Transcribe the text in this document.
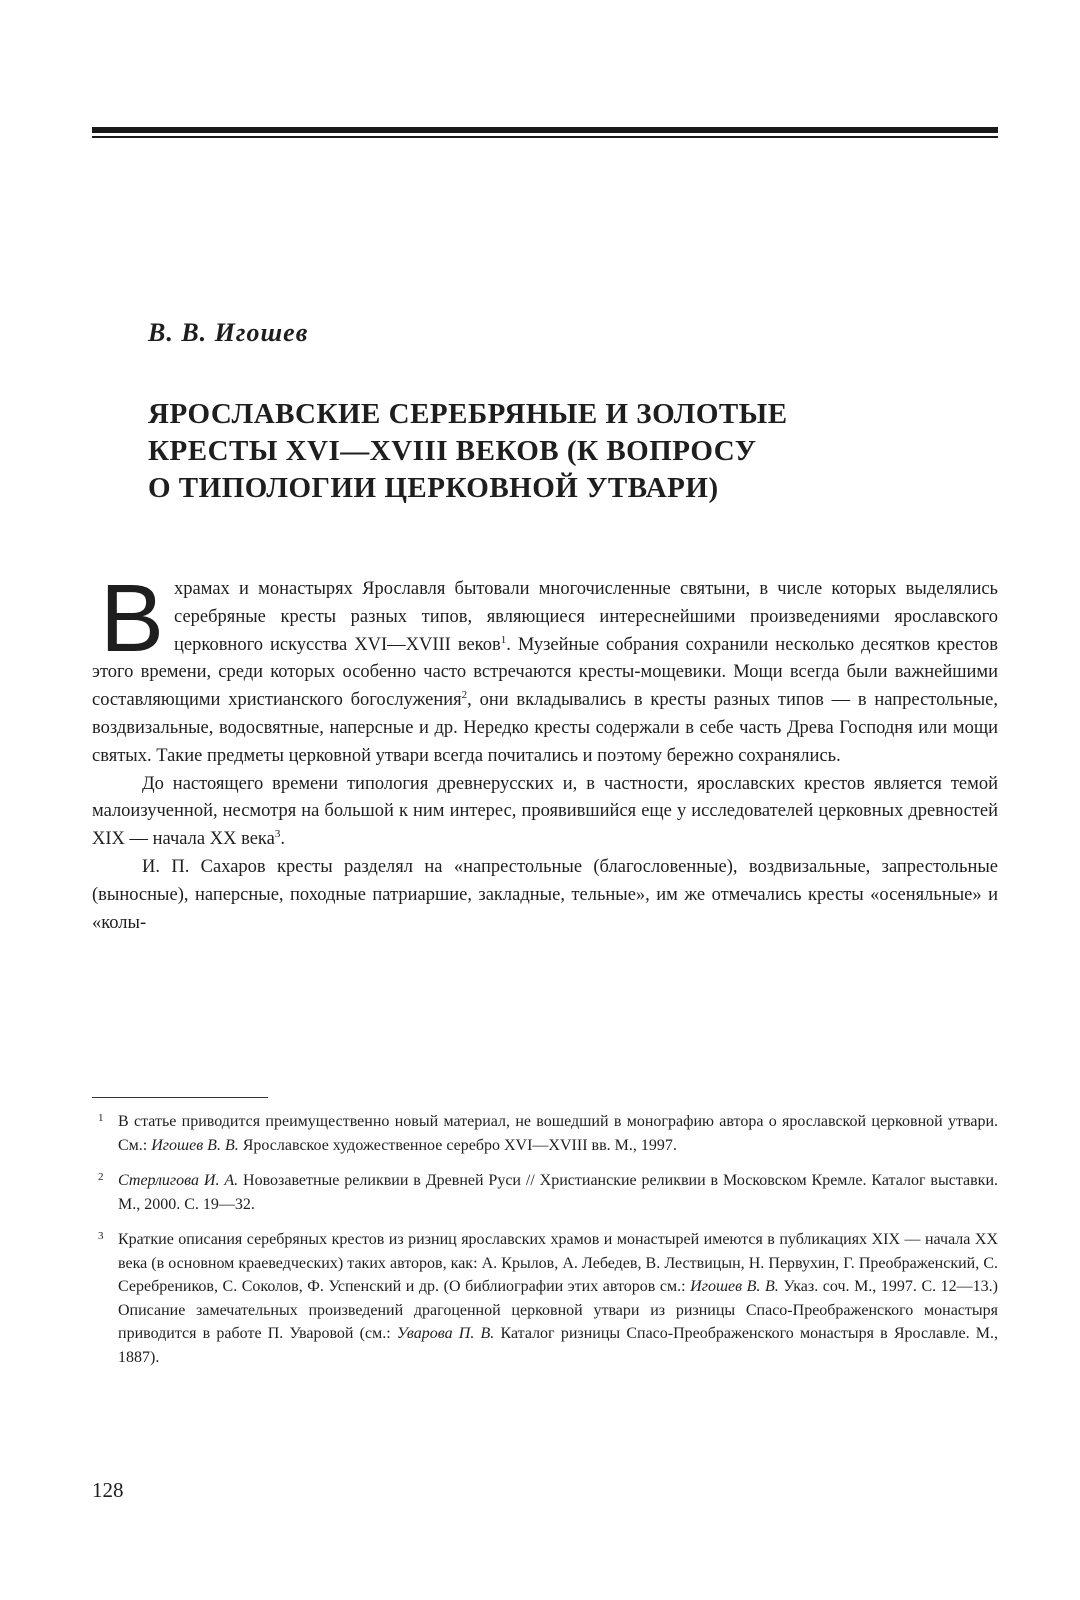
В. В. Игошев
ЯРОСЛАВСКИЕ СЕРЕБРЯНЫЕ И ЗОЛОТЫЕ
КРЕСТЫ XVI—XVIII ВЕКОВ (К ВОПРОСУ
О ТИПОЛОГИИ ЦЕРКОВНОЙ УТВАРИ)

В храмах и монастырях Ярославля бытовали многочисленные святыни, в числе которых выделялись серебряные кресты разных типов, являющиеся интереснейшими произведениями ярославского церковного искусства XVI—XVIII веков$^1$. Музейные собрания сохранили несколько десятков крестов этого времени, среди которых особенно часто встречаются кресты-мощевики. Мощи всегда были важнейшими составляющими христианского богослужения$^2$, они вкладывались в кресты разных типов — в напрестольные, воздвизальные, водосвятные, наперсные и др. Нередко кресты содержали в себе часть Древа Господня или мощи святых. Такие предметы церковной утвари всегда почитались и поэтому бережно сохранялись.

До настоящего времени типология древнерусских и, в частности, ярославских крестов является темой малоизученной, несмотря на большой к ним интерес, проявившийся еще у исследователей церковных древностей XIX — начала XX века$^3$.

И. П. Сахаров кресты разделял на «напрестольные (благословенные), воздвизальные, запрестольные (выносные), наперсные, походные патриаршие, закладные, тельные», им же отмечались кресты «осеняльные» и «колы-

1 В статье приводится преимущественно новый материал, не вошедший в монографию автора о ярославской церковной утвари. См.: Игошев В. В. Ярославское художественное серебро XVI—XVIII вв. М., 1997.
2 Стерлигова И. А. Новозаветные реликвии в Древней Руси // Христианские реликвии в Московском Кремле. Каталог выставки. М., 2000. С. 19—32.
3 Краткие описания серебряных крестов из ризниц ярославских храмов и монастырей имеются в публикациях XIX — начала XX века (в основном краеведческих) таких авторов, как: А. Крылов, А. Лебедев, В. Лествицын, Н. Первухин, Г. Преображенский, С. Серебреников, С. Соколов, Ф. Успенский и др. (О библиографии этих авторов см.: Игошев В. В. Указ. соч. М., 1997. С. 12—13.) Описание замечательных произведений драгоценной церковной утвари из ризницы Спасо-Преображенского монастыря приводится в работе П. Уваровой (см.: Уварова П. В. Каталог ризницы Спасо-Преображенского монастыря в Ярославле. М., 1887).
128
